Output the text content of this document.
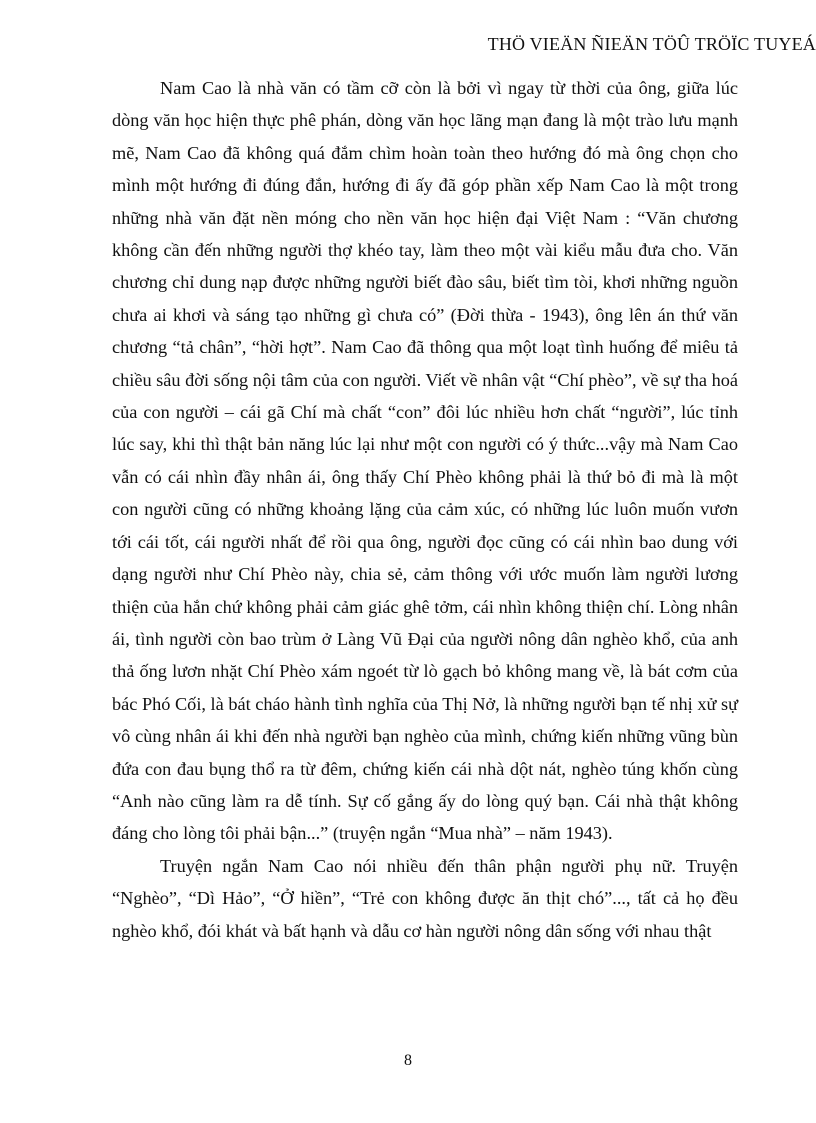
THÖ VIEÄN ÑIEÄN TÖÛ TRÖÏC TUYEÁ

Nam Cao là nhà văn có tầm cỡ còn là bởi vì ngay từ thời của ông, giữa lúc dòng văn học hiện thực phê phán, dòng văn học lãng mạn đang là một trào lưu mạnh mẽ, Nam Cao đã không quá đắm chìm hoàn toàn theo hướng đó mà ông chọn cho mình một hướng đi đúng đắn, hướng đi ấy đã góp phần xếp Nam Cao là một trong những nhà văn đặt nền móng cho nền văn học hiện đại Việt Nam : “Văn chương không cần đến những người thợ khéo tay, làm theo một vài kiểu mẫu đưa cho. Văn chương chỉ dung nạp được những người biết đào sâu, biết tìm tòi, khơi những nguồn chưa ai khơi và sáng tạo những gì chưa có” (Đời thừa - 1943), ông lên án thứ văn chương “tả chân”, “hời hợt”. Nam Cao đã thông qua một loạt tình huống để miêu tả chiều sâu đời sống nội tâm của con người. Viết về nhân vật “Chí phèo”, về sự tha hoá của con người – cái gã Chí mà chất “con” đôi lúc nhiều hơn chất “người”, lúc tỉnh lúc say, khi thì thật bản năng lúc lại như một con người có ý thức...vậy mà Nam Cao vẫn có cái nhìn đầy nhân ái, ông thấy Chí Phèo không phải là thứ bỏ đi mà là một con người cũng có những khoảng lặng của cảm xúc, có những lúc luôn muốn vươn tới cái tốt, cái người nhất để rồi qua ông, người đọc cũng có cái nhìn bao dung với dạng người như Chí Phèo này, chia sẻ, cảm thông với ước muốn làm người lương thiện của hắn chứ không phải cảm giác ghê tởm, cái nhìn không thiện chí. Lòng nhân ái, tình người còn bao trùm ở Làng Vũ Đại của người nông dân nghèo khổ, của anh thả ống lươn nhặt Chí Phèo xám ngoét từ lò gạch bỏ không mang về, là bát cơm của bác Phó Cối, là bát cháo hành tình nghĩa của Thị Nở, là những người bạn tế nhị xử sự vô cùng nhân ái khi đến nhà người bạn nghèo của mình, chứng kiến những vũng bùn đứa con đau bụng thổ ra từ đêm, chứng kiến cái nhà dột nát, nghèo túng khốn cùng “Anh nào cũng làm ra dễ tính. Sự cố gắng ấy do lòng quý bạn. Cái nhà thật không đáng cho lòng tôi phải bận...” (truyện ngắn “Mua nhà” – năm 1943).

Truyện ngắn Nam Cao nói nhiều đến thân phận người phụ nữ. Truyện “Nghèo”, “Dì Hảo”, “Ở hiền”, “Trẻ con không được ăn thịt chó”..., tất cả họ đều nghèo khổ, đói khát và bất hạnh và dẫu cơ hàn người nông dân sống với nhau thật

8
